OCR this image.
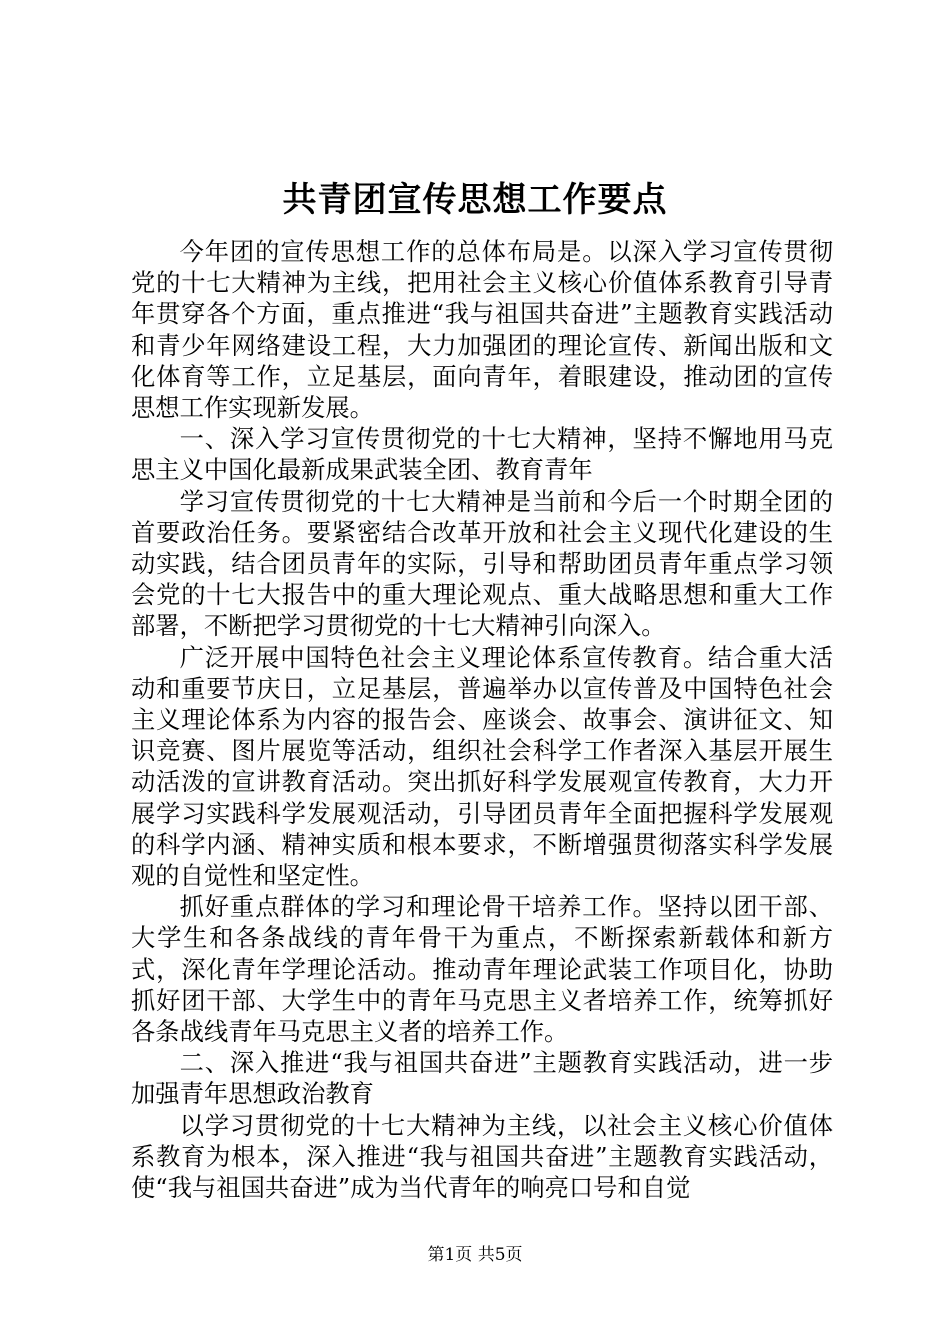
共青团宣传思想工作要点

今年团的宣传思想工作的总体布局是。以深入学习宣传贯彻党的十七大精神为主线，把用社会主义核心价值体系教育引导青年贯穿各个方面，重点推进“我与祖国共奋进”主题教育实践活动和青少年网络建设工程，大力加强团的理论宣传、新闻出版和文化体育等工作，立足基层，面向青年，着眼建设，推动团的宣传思想工作实现新发展。

一、深入学习宣传贯彻党的十七大精神，坚持不懈地用马克思主义中国化最新成果武装全团、教育青年

学习宣传贯彻党的十七大精神是当前和今后一个时期全团的首要政治任务。要紧密结合改革开放和社会主义现代化建设的生动实践，结合团员青年的实际，引导和帮助团员青年重点学习领会党的十七大报告中的重大理论观点、重大战略思想和重大工作部署，不断把学习贯彻党的十七大精神引向深入。

广泛开展中国特色社会主义理论体系宣传教育。结合重大活动和重要节庆日，立足基层，普遍举办以宣传普及中国特色社会主义理论体系为内容的报告会、座谈会、故事会、演讲征文、知识竞赛、图片展览等活动，组织社会科学工作者深入基层开展生动活泼的宣讲教育活动。突出抓好科学发展观宣传教育，大力开展学习实践科学发展观活动，引导团员青年全面把握科学发展观的科学内涵、精神实质和根本要求，不断增强贯彻落实科学发展观的自觉性和坚定性。

抓好重点群体的学习和理论骨干培养工作。坚持以团干部、大学生和各条战线的青年骨干为重点，不断探索新载体和新方式，深化青年学理论活动。推动青年理论武装工作项目化，协助抓好团干部、大学生中的青年马克思主义者培养工作，统筹抓好各条战线青年马克思主义者的培养工作。

二、深入推进“我与祖国共奋进”主题教育实践活动，进一步加强青年思想政治教育

以学习贯彻党的十七大精神为主线，以社会主义核心价值体系教育为根本，深入推进“我与祖国共奋进”主题教育实践活动，使“我与祖国共奋进”成为当代青年的响亮口号和自觉

第1页 共5页
